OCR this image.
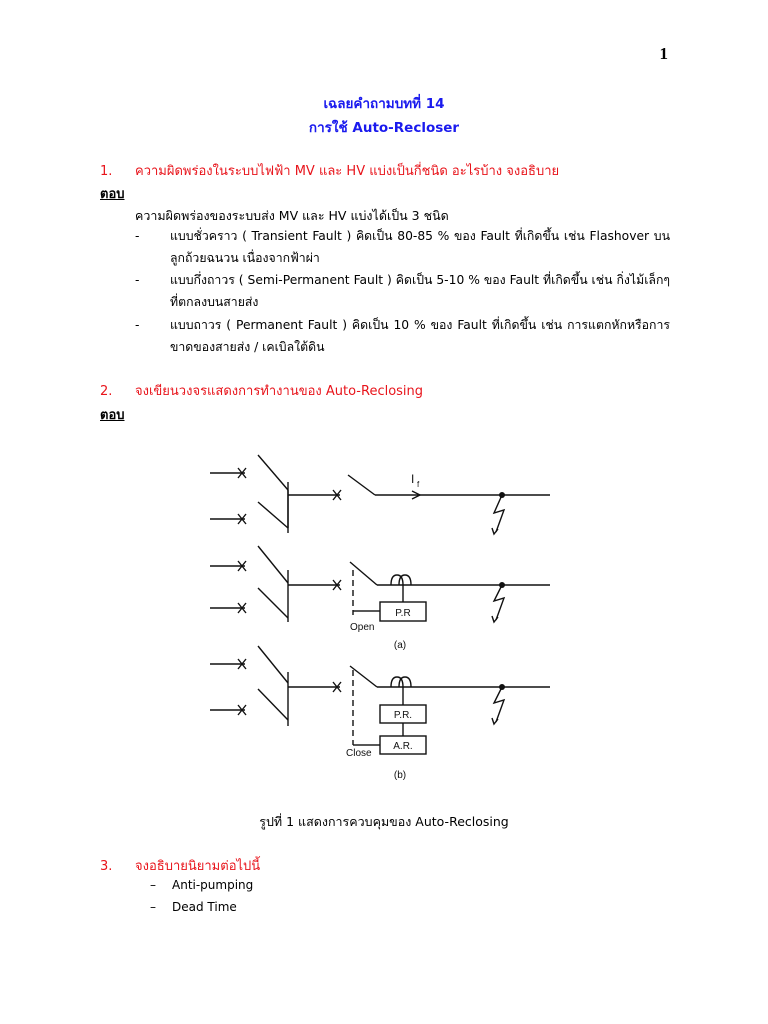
1
เฉลยคำถามบทที่ 14
การใช้ Auto-Recloser
1. ความผิดพร่องในระบบไฟฟ้า MV และ HV แบ่งเป็นกี่ชนิด อะไรบ้าง จงอธิบาย
ตอบ
ความผิดพร่องของระบบส่ง MV และ HV แบ่งได้เป็น 3 ชนิด
- แบบชั่วคราว ( Transient Fault ) คิดเป็น 80-85 % ของ Fault ที่เกิดขึ้น เช่น Flashover บนลูกถ้วยฉนวน เนื่องจากฟ้าผ่า
- แบบกึ่งถาวร ( Semi-Permanent Fault ) คิดเป็น 5-10 % ของ Fault ที่เกิดขึ้น เช่น กิ่งไม้เล็กๆ ที่ตกลงบนสายส่ง
- แบบถาวร ( Permanent Fault ) คิดเป็น 10 % ของ Fault ที่เกิดขึ้น เช่น การแตกหักหรือการขาดของสายส่ง / เคเบิลใต้ดิน
2. จงเขียนวงจรแสดงการทำงานของ Auto-Reclosing
ตอบ
I f
P.R
Open
(a)
P.R.
A.R.
Close
(b)
รูปที่ 1 แสดงการควบคุมของ Auto-Reclosing
3. จงอธิบายนิยามต่อไปนี้
– Anti-pumping
– Dead Time
